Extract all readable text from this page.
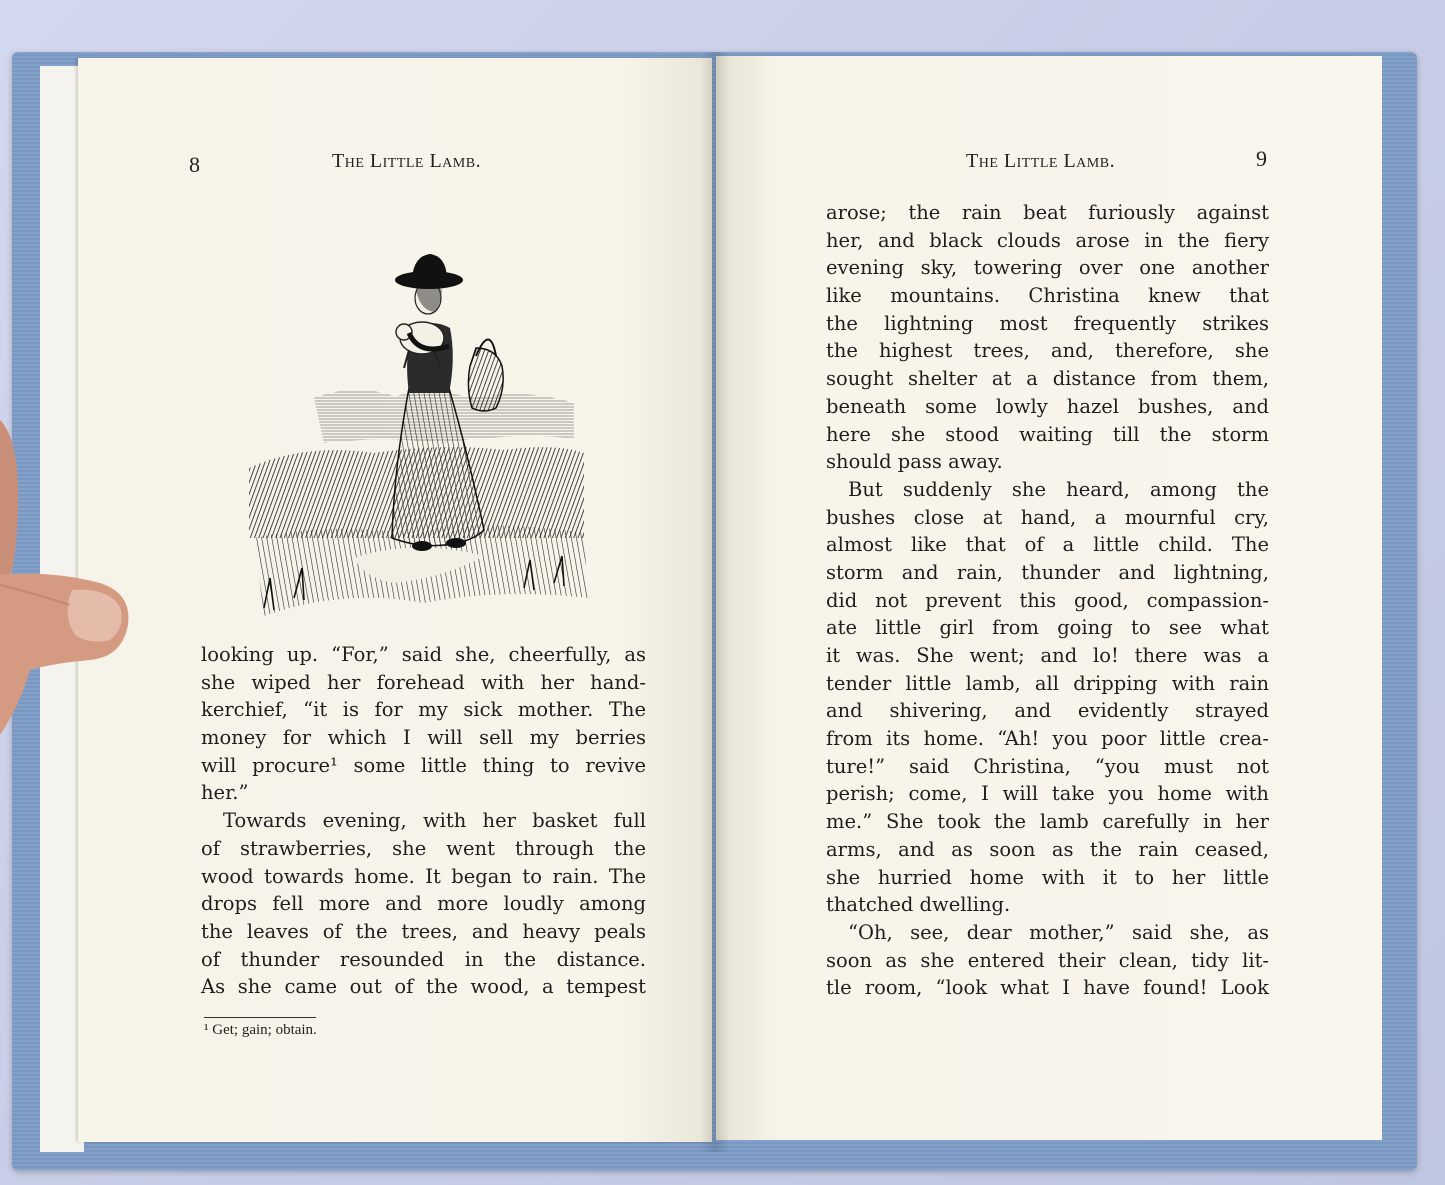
8	The Little Lamb.
looking up. “For,” said she, cheerfully, as
she wiped her forehead with her hand-
kerchief, “it is for my sick mother. The
money for which I will sell my berries
will procure¹ some little thing to revive
her.”
Towards evening, with her basket full
of strawberries, she went through the
wood towards home. It began to rain. The
drops fell more and more loudly among
the leaves of the trees, and heavy peals
of thunder resounded in the distance.
As she came out of the wood, a tempest
¹ Get; gain; obtain.
The Little Lamb.	9
arose; the rain beat furiously against
her, and black clouds arose in the fiery
evening sky, towering over one another
like mountains. Christina knew that
the lightning most frequently strikes
the highest trees, and, therefore, she
sought shelter at a distance from them,
beneath some lowly hazel bushes, and
here she stood waiting till the storm
should pass away.
But suddenly she heard, among the
bushes close at hand, a mournful cry,
almost like that of a little child. The
storm and rain, thunder and lightning,
did not prevent this good, compassion-
ate little girl from going to see what
it was. She went; and lo! there was a
tender little lamb, all dripping with rain
and shivering, and evidently strayed
from its home. “Ah! you poor little crea-
ture!” said Christina, “you must not
perish; come, I will take you home with
me.” She took the lamb carefully in her
arms, and as soon as the rain ceased,
she hurried home with it to her little
thatched dwelling.
“Oh, see, dear mother,” said she, as
soon as she entered their clean, tidy lit-
tle room, “look what I have found! Look
